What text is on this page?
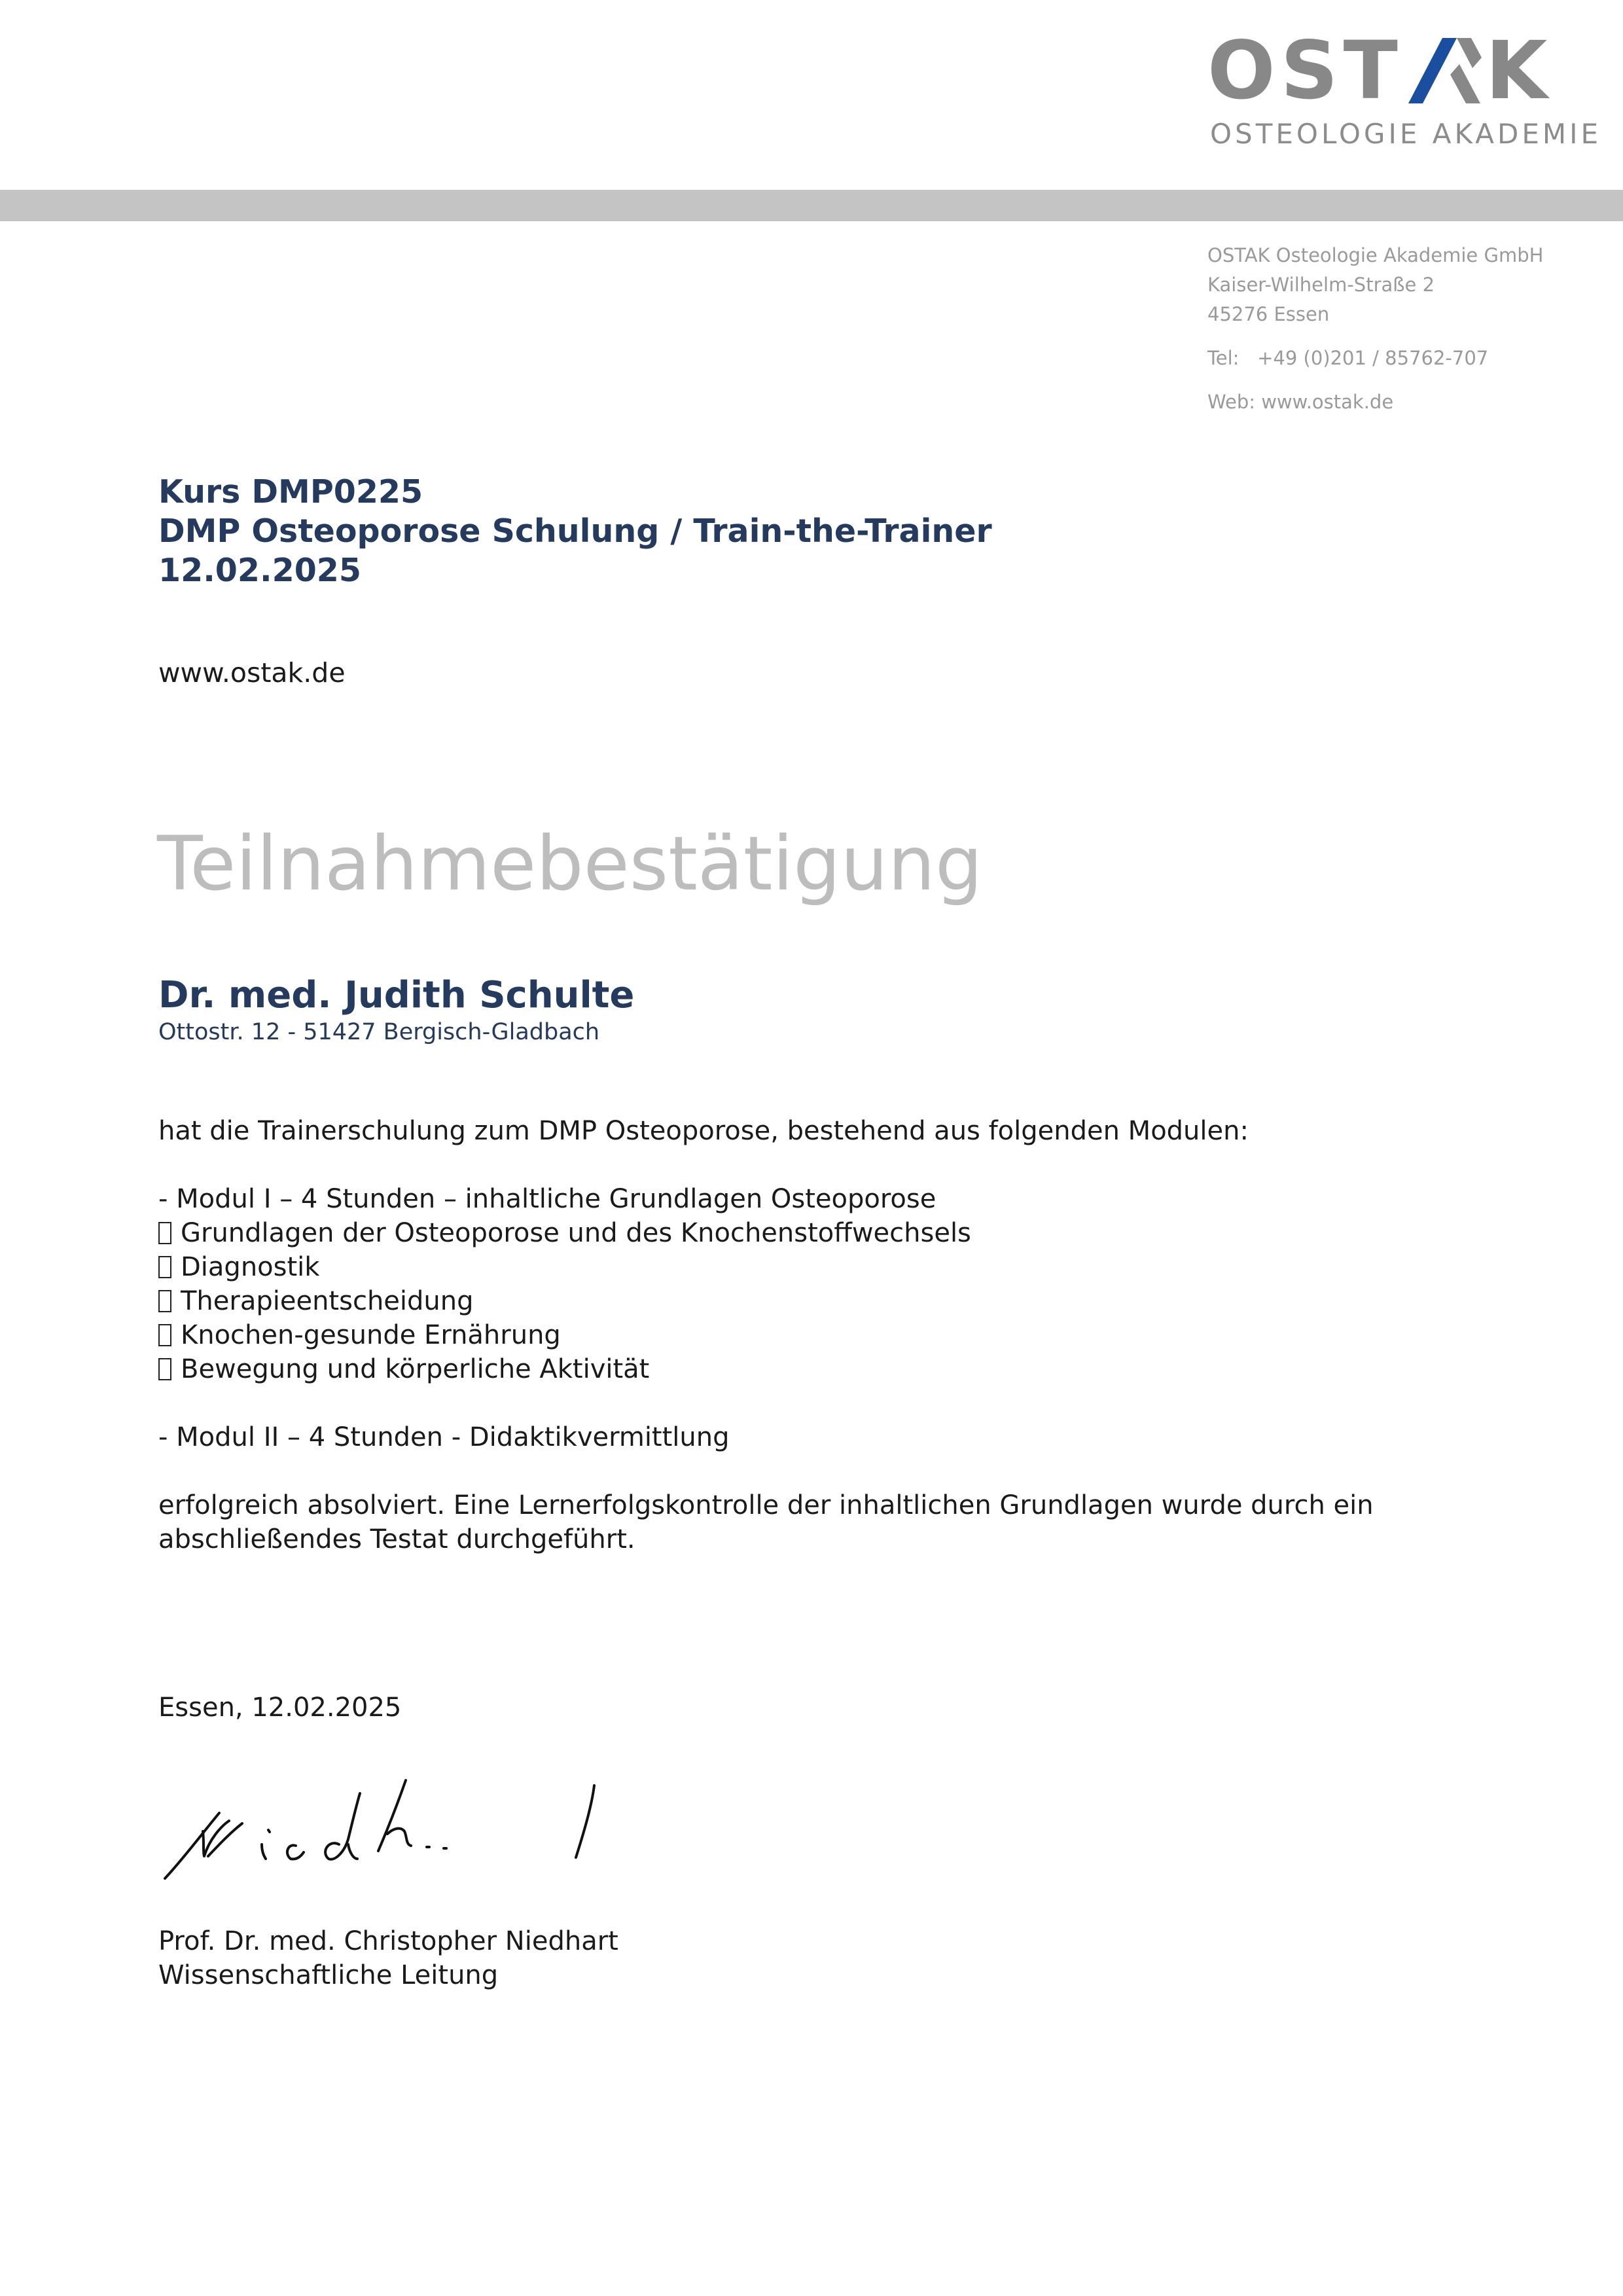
OST K
OSTEOLOGIE AKADEMIE
OSTAK Osteologie Akademie GmbH
Kaiser-Wilhelm-Straße 2
45276 Essen
Tel:   +49 (0)201 / 85762-707
Web: www.ostak.de
Kurs DMP0225
DMP Osteoporose Schulung / Train-the-Trainer
12.02.2025
www.ostak.de
Teilnahmebestätigung
Dr. med. Judith Schulte
Ottostr. 12 - 51427 Bergisch-Gladbach

hat die Trainerschulung zum DMP Osteoporose, bestehend aus folgenden Modulen:

- Modul I – 4 Stunden – inhaltliche Grundlagen Osteoporose

Grundlagen der Osteoporose und des Knochenstoffwechsels

Diagnostik

Therapieentscheidung

Knochen-gesunde Ernährung

Bewegung und körperliche Aktivität

- Modul II – 4 Stunden - Didaktikvermittlung

erfolgreich absolviert. Eine Lernerfolgskontrolle der inhaltlichen Grundlagen wurde durch ein abschließendes Testat durchgeführt.

Essen, 12.02.2025
Prof. Dr. med. Christopher Niedhart
Wissenschaftliche Leitung
